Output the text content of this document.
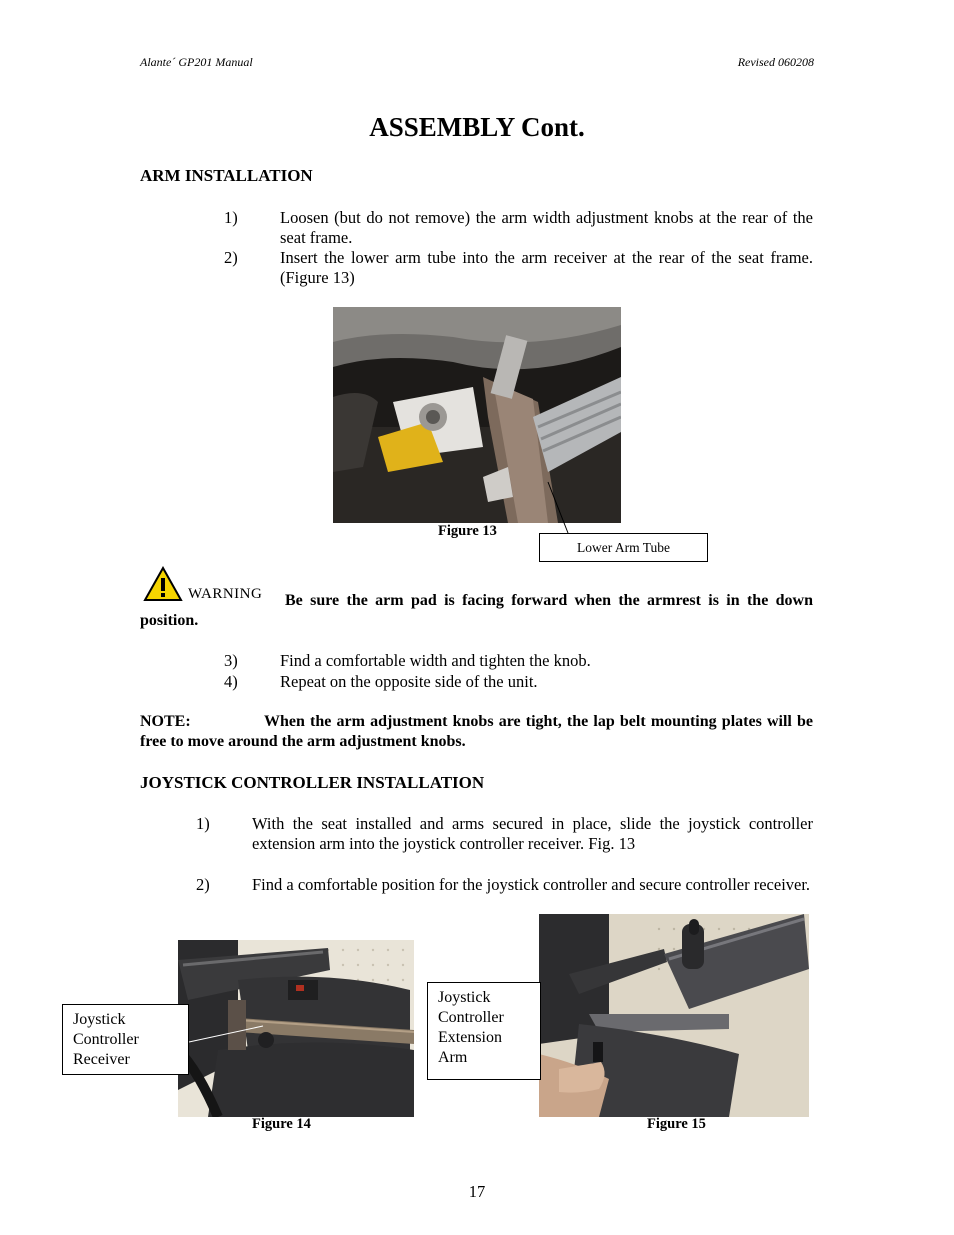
Alante´ GP201 Manual	Revised 060208
ASSEMBLY Cont.
ARM INSTALLATION
1)	Loosen (but do not remove) the arm width adjustment knobs at the rear of the seat frame.
2)	Insert the lower arm tube into the arm receiver at the rear of the seat frame. (Figure 13)
Figure 13
Lower Arm Tube
WARNING	Be sure the arm pad is facing forward when the armrest is in the down position.
3)	Find a comfortable width and tighten the knob.
4)	Repeat on the opposite side of the unit.
NOTE:	When the arm adjustment knobs are tight, the lap belt mounting plates will be free to move around the arm adjustment knobs.
JOYSTICK CONTROLLER INSTALLATION
1)	With the seat installed and arms secured in place, slide the joystick controller extension arm into the joystick controller receiver. Fig. 13
2)	Find a comfortable position for the joystick controller and secure controller receiver.
Figure 14
Joystick Controller Receiver
Figure 15
Joystick Controller Extension Arm
17
